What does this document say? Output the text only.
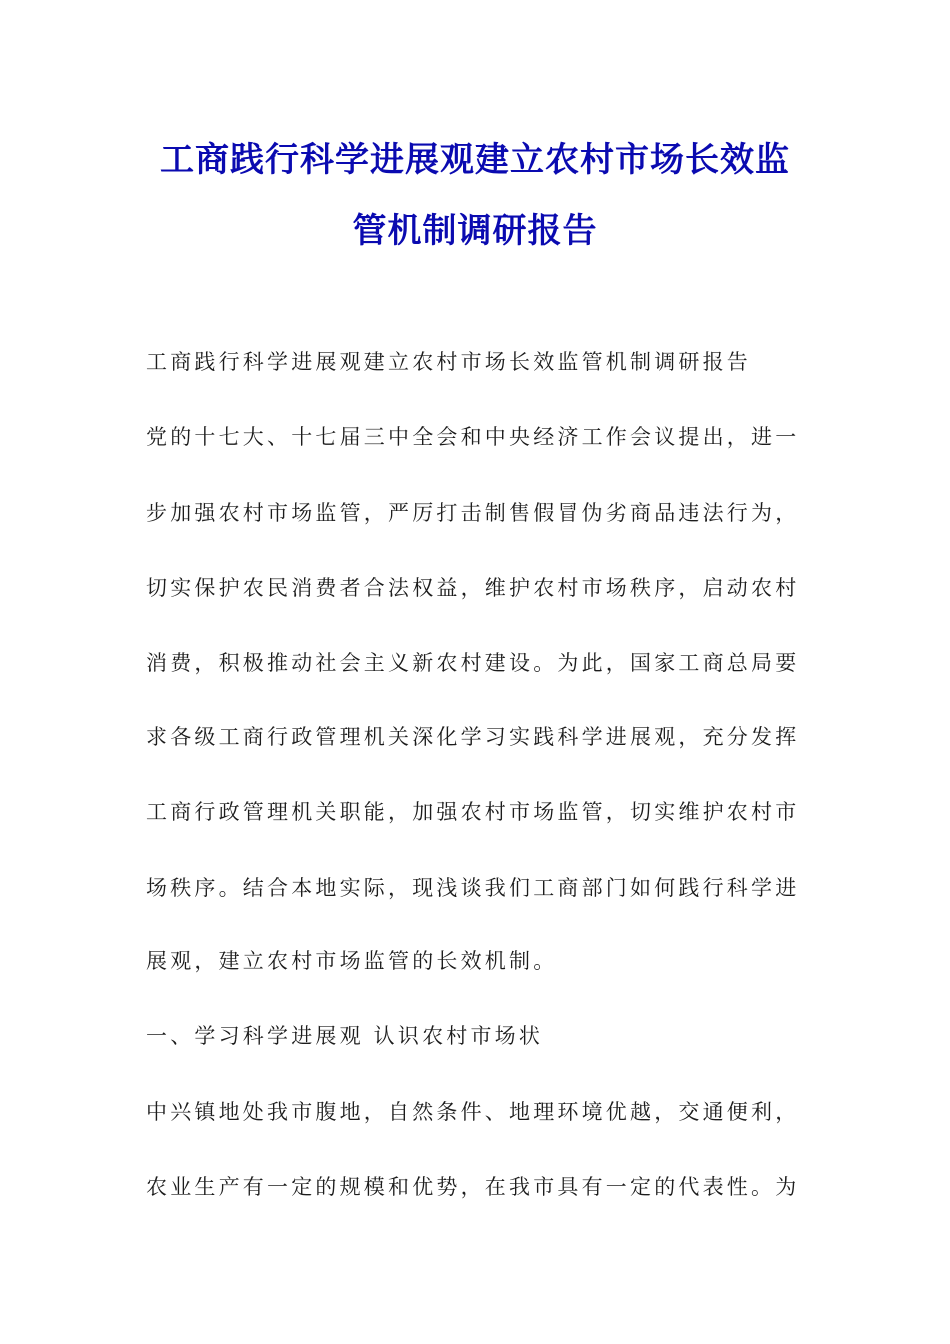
工商践行科学进展观建立农村市场长效监
管机制调研报告
工商践行科学进展观建立农村市场长效监管机制调研报告
党的十七大、十七届三中全会和中央经济工作会议提出，进一
步加强农村市场监管，严厉打击制售假冒伪劣商品违法行为，
切实保护农民消费者合法权益，维护农村市场秩序，启动农村
消费，积极推动社会主义新农村建设。为此，国家工商总局要
求各级工商行政管理机关深化学习实践科学进展观，充分发挥
工商行政管理机关职能，加强农村市场监管，切实维护农村市
场秩序。结合本地实际，现浅谈我们工商部门如何践行科学进
展观，建立农村市场监管的长效机制。
一、学习科学进展观 认识农村市场状
中兴镇地处我市腹地，自然条件、地理环境优越，交通便利，
农业生产有一定的规模和优势，在我市具有一定的代表性。为
